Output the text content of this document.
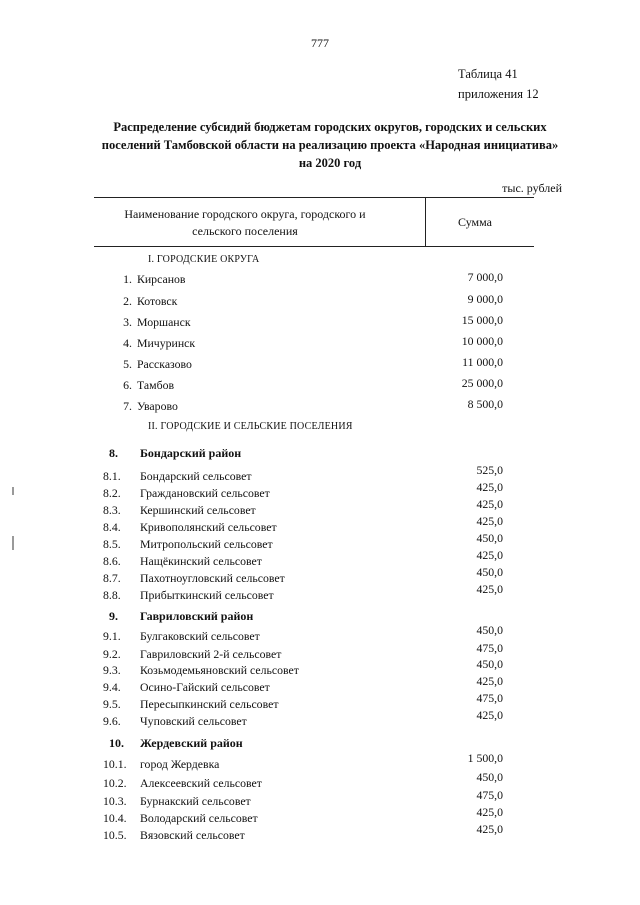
777
Таблица 41
приложения 12
Распределение субсидий бюджетам городских округов, городских и сельских поселений Тамбовской области на реализацию проекта «Народная инициатива» на 2020 год
тыс. рублей
Наименование городского округа, городского и сельского поселения
Сумма
I. ГОРОДСКИЕ ОКРУГА
1. Кирсанов	7 000,0
2. Котовск	9 000,0
3. Моршанск	15 000,0
4. Мичуринск	10 000,0
5. Рассказово	11 000,0
6. Тамбов	25 000,0
7. Уварово	8 500,0
II. ГОРОДСКИЕ И СЕЛЬСКИЕ ПОСЕЛЕНИЯ
8. Бондарский район
8.1. Бондарский сельсовет	525,0
8.2. Граждановский сельсовет	425,0
8.3. Кершинский сельсовет	425,0
8.4. Кривополянский сельсовет	425,0
8.5. Митропольский сельсовет	450,0
8.6. Нащёкинский сельсовет	425,0
8.7. Пахотноугловский сельсовет	450,0
8.8. Прибыткинский сельсовет	425,0
9. Гавриловский район
9.1. Булгаковский сельсовет	450,0
9.2. Гавриловский 2-й сельсовет	475,0
9.3. Козьмодемьяновский сельсовет	450,0
9.4. Осино-Гайский сельсовет	425,0
9.5. Пересыпкинский сельсовет	475,0
9.6. Чуповский сельсовет	425,0
10. Жердевский район
10.1. город Жердевка	1 500,0
10.2. Алексеевский сельсовет	450,0
10.3. Бурнакский сельсовет	475,0
10.4. Володарский сельсовет	425,0
10.5. Вязовский сельсовет	425,0
